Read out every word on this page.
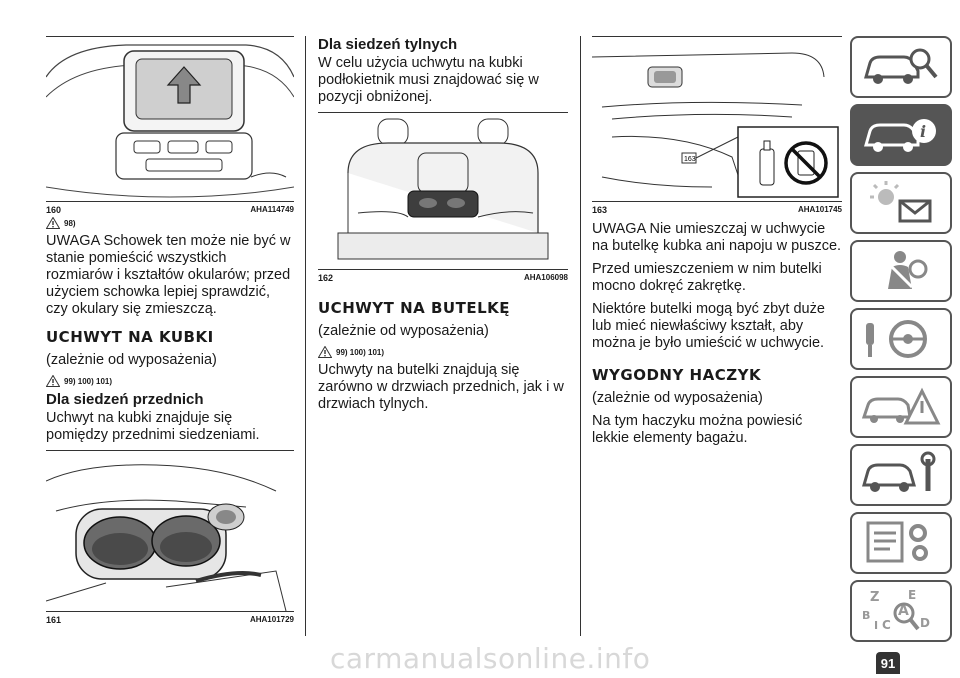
160	AHA114749
98)

UWAGA Schowek ten może nie być w stanie pomieścić wszystkich rozmiarów i kształtów okularów; przed użyciem schowka lepiej sprawdzić, czy okulary się zmieszczą.

UCHWYT NA KUBKI

(zależnie od wyposażenia)

99) 100) 101)
Dla siedzeń przednich

Uchwyt na kubki znajduje się pomiędzy przednimi siedzeniami.

161	AHA101729
Dla siedzeń tylnych

W celu użycia uchwytu na kubki podłokietnik musi znajdować się w pozycji obniżonej.

162	AHA106098
UCHWYT NA BUTELKĘ

(zależnie od wyposażenia)

99) 100) 101)

Uchwyty na butelki znajdują się zarówno w drzwiach przednich, jak i w drzwiach tylnych.

163
163	AHA101745

UWAGA Nie umieszczaj w uchwycie na butelkę kubka ani napoju w puszce.

Przed umieszczeniem w nim butelki mocno dokręć zakrętkę.

Niektóre butelki mogą być zbyt duże lub mieć niewłaściwy kształt, aby można je było umieścić w uchwycie.

WYGODNY HACZYK

(zależnie od wyposażenia)

Na tym haczyku można powiesić lekkie elementy bagażu.

i
Z E
A
B
C D
I
carmanualsonline.info	91
